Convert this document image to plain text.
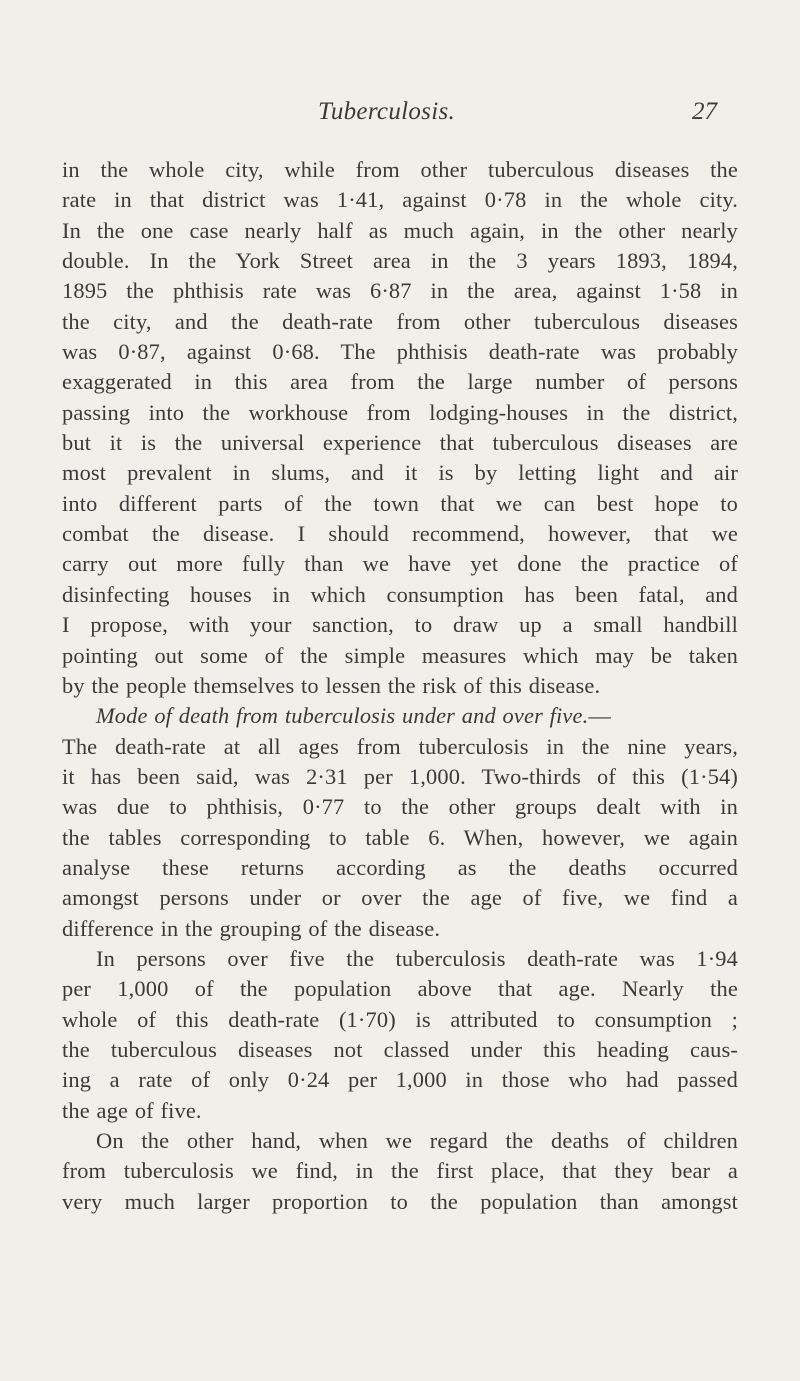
Tuberculosis.	27
in the whole city, while from other tuberculous diseases the
rate in that district was 1·41, against 0·78 in the whole city.
In the one case nearly half as much again, in the other nearly
double. In the York Street area in the 3 years 1893, 1894,
1895 the phthisis rate was 6·87 in the area, against 1·58 in
the city, and the death-rate from other tuberculous diseases
was 0·87, against 0·68. The phthisis death-rate was probably
exaggerated in this area from the large number of persons
passing into the workhouse from lodging-houses in the district,
but it is the universal experience that tuberculous diseases are
most prevalent in slums, and it is by letting light and air
into different parts of the town that we can best hope to
combat the disease. I should recommend, however, that we
carry out more fully than we have yet done the practice of
disinfecting houses in which consumption has been fatal, and
I propose, with your sanction, to draw up a small handbill
pointing out some of the simple measures which may be taken
by the people themselves to lessen the risk of this disease.
Mode of death from tuberculosis under and over five.—
The death-rate at all ages from tuberculosis in the nine years,
it has been said, was 2·31 per 1,000. Two-thirds of this (1·54)
was due to phthisis, 0·77 to the other groups dealt with in
the tables corresponding to table 6. When, however, we again
analyse these returns according as the deaths occurred
amongst persons under or over the age of five, we find a
difference in the grouping of the disease.
In persons over five the tuberculosis death-rate was 1·94
per 1,000 of the population above that age. Nearly the
whole of this death-rate (1·70) is attributed to consumption ;
the tuberculous diseases not classed under this heading caus-
ing a rate of only 0·24 per 1,000 in those who had passed
the age of five.
On the other hand, when we regard the deaths of children
from tuberculosis we find, in the first place, that they bear a
very much larger proportion to the population than amongst
